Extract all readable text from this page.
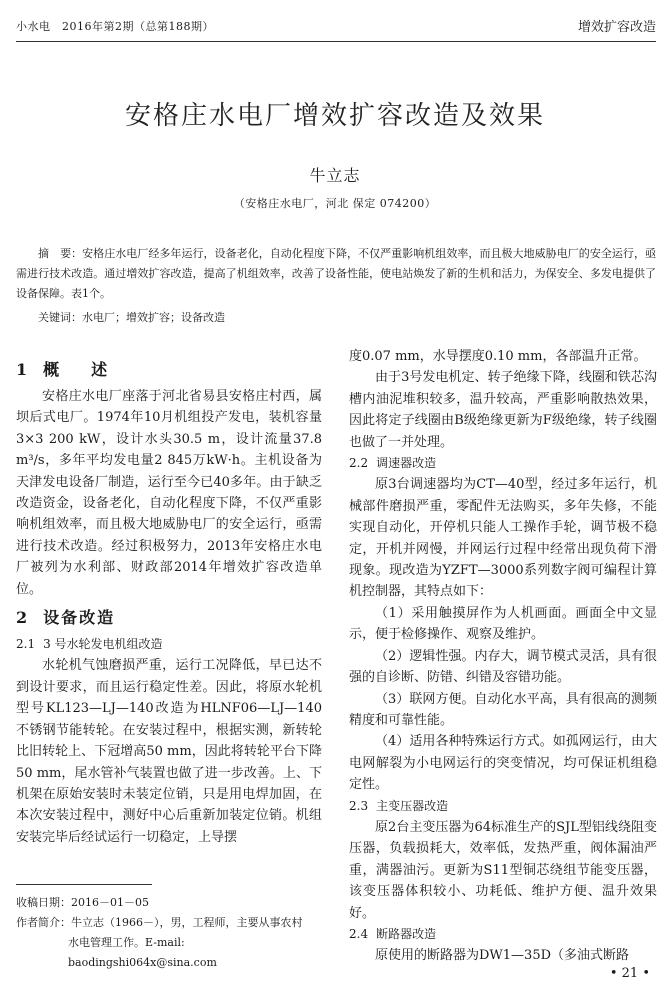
小水电　2016年第2期（总第188期）	增效扩容改造
安格庄水电厂增效扩容改造及效果
牛立志
（安格庄水电厂，河北 保定 074200）
摘　要：安格庄水电厂经多年运行，设备老化，自动化程度下降，不仅严重影响机组效率，而且极大地威胁电厂的安全运行，亟需进行技术改造。通过增效扩容改造，提高了机组效率，改善了设备性能，使电站焕发了新的生机和活力，为保安全、多发电提供了设备保障。表1个。
关键词：水电厂；增效扩容；设备改造
1 概　述

安格庄水电厂座落于河北省易县安格庄村西，属坝后式电厂。1974年10月机组投产发电，装机容量3×3 200 kW，设计水头30.5 m，设计流量37.8 m³/s，多年平均发电量2 845万kW·h。主机设备为天津发电设备厂制造，运行至今已40多年。由于缺乏改造资金，设备老化，自动化程度下降，不仅严重影响机组效率，而且极大地威胁电厂的安全运行，亟需进行技术改造。经过积极努力，2013年安格庄水电厂被列为水利部、财政部2014年增效扩容改造单位。

2 设备改造
2.1 3 号水轮发电机组改造

水轮机气蚀磨损严重，运行工况降低，早已达不到设计要求，而且运行稳定性差。因此，将原水轮机型号KL123—LJ—140改造为HLNF06—LJ—140不锈钢节能转轮。在安装过程中，根据实测，新转轮比旧转轮上、下冠增高50 mm，因此将转轮平台下降50 mm，尾水管补气装置也做了进一步改善。上、下机架在原始安装时未装定位销，只是用电焊加固，在本次安装过程中，测好中心后重新加装定位销。机组安装完毕后经试运行一切稳定，上导摆

度0.07 mm，水导摆度0.10 mm，各部温升正常。

由于3号发电机定、转子绝缘下降，线圈和铁芯沟槽内油泥堆积较多，温升较高，严重影响散热效果，因此将定子线圈由B级绝缘更新为F级绝缘，转子线圈也做了一并处理。

2.2 调速器改造

原3台调速器均为CT—40型，经过多年运行，机械部件磨损严重，零配件无法购买，多年失修，不能实现自动化，开停机只能人工操作手轮，调节极不稳定，开机并网慢，并网运行过程中经常出现负荷下滑现象。现改造为YZFT—3000系列数字阀可编程计算机控制器，其特点如下：

（1）采用触摸屏作为人机画面。画面全中文显示，便于检修操作、观察及维护。

（2）逻辑性强。内存大，调节模式灵活，具有很强的自诊断、防错、纠错及容错功能。

（3）联网方便。自动化水平高，具有很高的测频精度和可靠性能。

（4）适用各种特殊运行方式。如孤网运行，由大电网解裂为小电网运行的突变情况，均可保证机组稳定性。

2.3 主变压器改造

原2台主变压器为64标准生产的SJL型铝线绕阻变压器，负载损耗大，效率低，发热严重，阀体漏油严重，满器油污。更新为S11型铜芯绕组节能变压器，该变压器体积较小、功耗低、维护方便、温升效果好。

2.4 断路器改造

原使用的断路器为DW1—35D（多油式断路

收稿日期：2016－01－05
作者简介：牛立志（1966－），男，工程师，主要从事农村
水电管理工作。E-mail: baodingshi064x@sina.com
• 21 •
